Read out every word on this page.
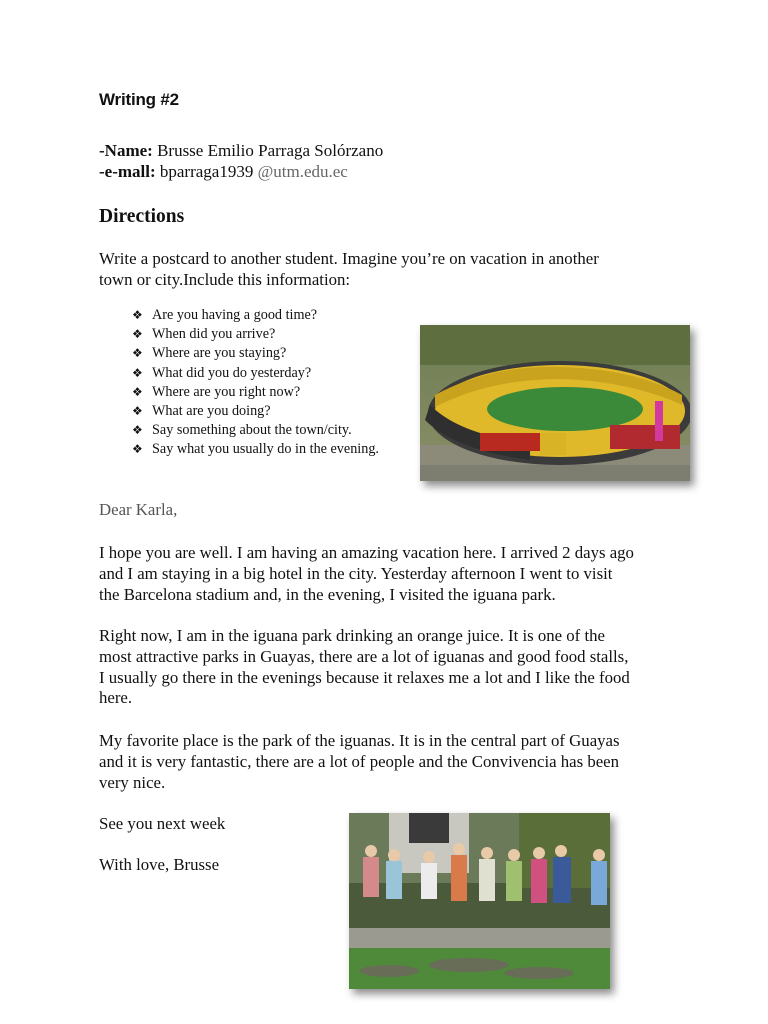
Writing #2
-Name: Brusse Emilio Parraga Solórzano
-e-mall: bparraga1939 @utm.edu.ec
Directions
Write a postcard to another student. Imagine you’re on vacation in another
town or city.Include this information:
❖ Are you having a good time?
❖ When did you arrive?
❖ Where are you staying?
❖ What did you do yesterday?
❖ Where are you right now?
❖ What are you doing?
❖ Say something about the town/city.
❖ Say what you usually do in the evening.
Dear Karla,
I hope you are well. I am having an amazing vacation here. I arrived 2 days ago
and I am staying in a big hotel in the city. Yesterday afternoon I went to visit
the Barcelona stadium and, in the evening, I visited the iguana park.
Right now, I am in the iguana park drinking an orange juice. It is one of the
most attractive parks in Guayas, there are a lot of iguanas and good food stalls,
I usually go there in the evenings because it relaxes me a lot and I like the food
here.
My favorite place is the park of the iguanas. It is in the central part of Guayas
and it is very fantastic, there are a lot of people and the Convivencia has been
very nice.
See you next week
With love, Brusse
